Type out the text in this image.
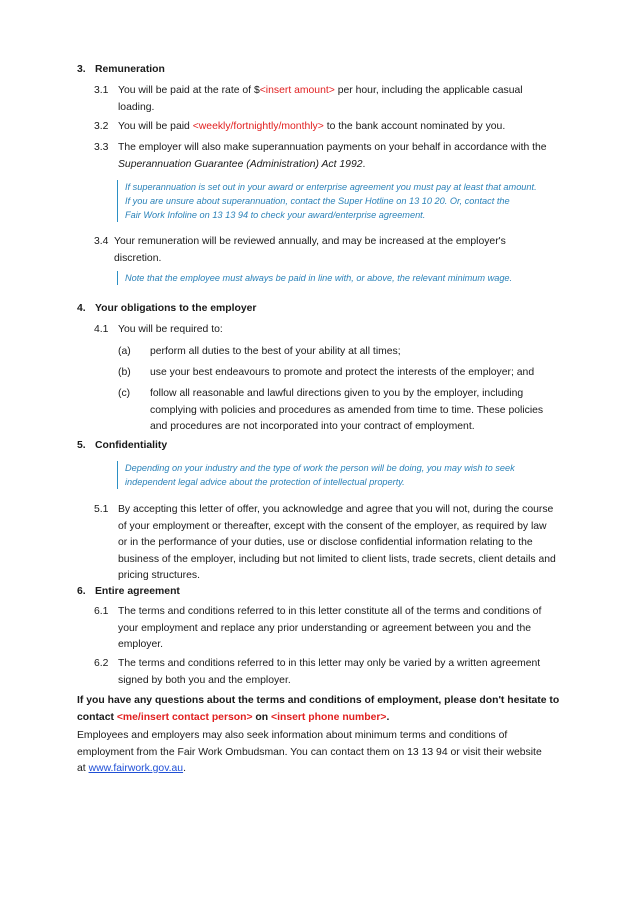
3. Remuneration
3.1 You will be paid at the rate of $<insert amount> per hour, including the applicable casual loading.
3.2 You will be paid <weekly/fortnightly/monthly> to the bank account nominated by you.
3.3 The employer will also make superannuation payments on your behalf in accordance with the Superannuation Guarantee (Administration) Act 1992.
If superannuation is set out in your award or enterprise agreement you must pay at least that amount.
If you are unsure about superannuation, contact the Super Hotline on 13 10 20. Or, contact the
Fair Work Infoline on 13 13 94 to check your award/enterprise agreement.
3.4 Your remuneration will be reviewed annually, and may be increased at the employer's discretion.
Note that the employee must always be paid in line with, or above, the relevant minimum wage.
4. Your obligations to the employer
4.1 You will be required to:
(a) perform all duties to the best of your ability at all times;
(b) use your best endeavours to promote and protect the interests of the employer; and
(c) follow all reasonable and lawful directions given to you by the employer, including complying with policies and procedures as amended from time to time. These policies and procedures are not incorporated into your contract of employment.
5. Confidentiality
Depending on your industry and the type of work the person will be doing, you may wish to seek
independent legal advice about the protection of intellectual property.
5.1 By accepting this letter of offer, you acknowledge and agree that you will not, during the course of your employment or thereafter, except with the consent of the employer, as required by law or in the performance of your duties, use or disclose confidential information relating to the business of the employer, including but not limited to client lists, trade secrets, client details and pricing structures.
6. Entire agreement
6.1 The terms and conditions referred to in this letter constitute all of the terms and conditions of your employment and replace any prior understanding or agreement between you and the employer.
6.2 The terms and conditions referred to in this letter may only be varied by a written agreement signed by both you and the employer.
If you have any questions about the terms and conditions of employment, please don't hesitate to contact <me/insert contact person> on <insert phone number>.
Employees and employers may also seek information about minimum terms and conditions of employment from the Fair Work Ombudsman. You can contact them on 13 13 94 or visit their website at www.fairwork.gov.au.
